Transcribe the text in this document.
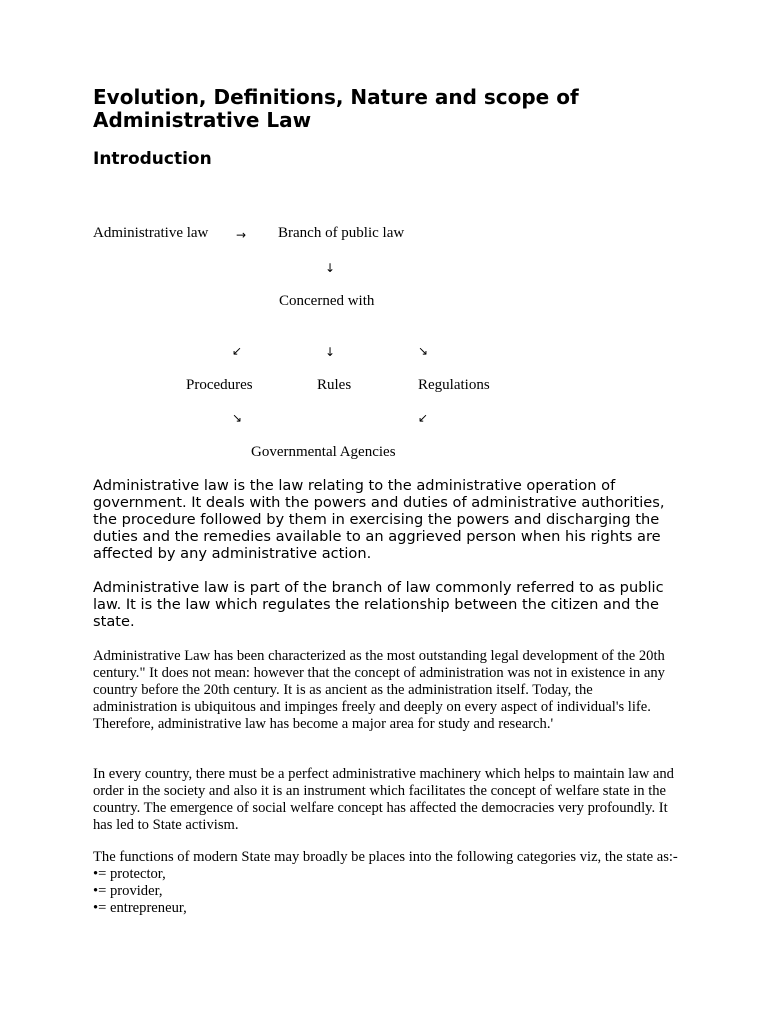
Evolution, Definitions, Nature and scope of Administrative Law
Introduction
Administrative law → Branch of public law
↓
Concerned with
↙	↓	↘
Procedures	Rules	Regulations
↘	↙
Governmental Agencies

Administrative law is the law relating to the administrative operation of government. It deals with the powers and duties of administrative authorities, the procedure followed by them in exercising the powers and discharging the duties and the remedies available to an aggrieved person when his rights are affected by any administrative action.

Administrative law is part of the branch of law commonly referred to as public law. It is the law which regulates the relationship between the citizen and the state.

Administrative Law has been characterized as the most outstanding legal development of the 20th century." It does not mean: however that the concept of administration was not in existence in any country before the 20th century. It is as ancient as the administration itself. Today, the administration is ubiquitous and impinges freely and deeply on every aspect of individual's life. Therefore, administrative law has become a major area for study and research.'

In every country, there must be a perfect administrative machinery which helps to maintain law and order in the society and also it is an instrument which facilitates the concept of welfare state in the country. The emergence of social welfare concept has affected the democracies very profoundly. It has led to State activism.

The functions of modern State may broadly be places into the following categories viz, the state as:-
•= protector,
•= provider,
•= entrepreneur,
